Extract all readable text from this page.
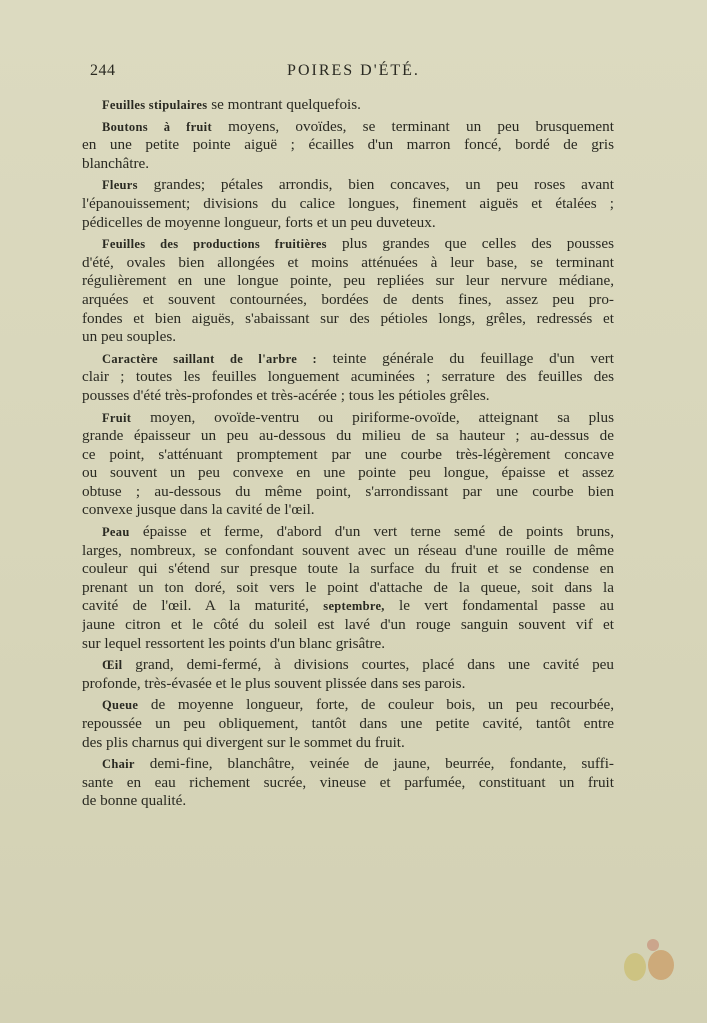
244	POIRES D'ÉTÉ.
Feuilles stipulaires se montrant quelquefois.
Boutons à fruit moyens, ovoïdes, se terminant un peu brusquement
en une petite pointe aiguë ; écailles d'un marron foncé, bordé de gris
blanchâtre.
Fleurs grandes; pétales arrondis, bien concaves, un peu roses avant
l'épanouissement; divisions du calice longues, finement aiguës et étalées ;
pédicelles de moyenne longueur, forts et un peu duveteux.
Feuilles des productions fruitières plus grandes que celles des pousses
d'été, ovales bien allongées et moins atténuées à leur base, se terminant
régulièrement en une longue pointe, peu repliées sur leur nervure médiane,
arquées et souvent contournées, bordées de dents fines, assez peu pro-
fondes et bien aiguës, s'abaissant sur des pétioles longs, grêles, redressés et
un peu souples.
Caractère saillant de l'arbre : teinte générale du feuillage d'un vert
clair ; toutes les feuilles longuement acuminées ; serrature des feuilles des
pousses d'été très-profondes et très-acérée ; tous les pétioles grêles.
Fruit moyen, ovoïde-ventru ou piriforme-ovoïde, atteignant sa plus
grande épaisseur un peu au-dessous du milieu de sa hauteur ; au-dessus de
ce point, s'atténuant promptement par une courbe très-légèrement concave
ou souvent un peu convexe en une pointe peu longue, épaisse et assez
obtuse ; au-dessous du même point, s'arrondissant par une courbe bien
convexe jusque dans la cavité de l'œil.
Peau épaisse et ferme, d'abord d'un vert terne semé de points bruns,
larges, nombreux, se confondant souvent avec un réseau d'une rouille de même
couleur qui s'étend sur presque toute la surface du fruit et se condense en
prenant un ton doré, soit vers le point d'attache de la queue, soit dans la
cavité de l'œil. A la maturité, septembre, le vert fondamental passe au
jaune citron et le côté du soleil est lavé d'un rouge sanguin souvent vif et
sur lequel ressortent les points d'un blanc grisâtre.
Œil grand, demi-fermé, à divisions courtes, placé dans une cavité peu
profonde, très-évasée et le plus souvent plissée dans ses parois.
Queue de moyenne longueur, forte, de couleur bois, un peu recourbée,
repoussée un peu obliquement, tantôt dans une petite cavité, tantôt entre
des plis charnus qui divergent sur le sommet du fruit.
Chair demi-fine, blanchâtre, veinée de jaune, beurrée, fondante, suffi-
sante en eau richement sucrée, vineuse et parfumée, constituant un fruit
de bonne qualité.
